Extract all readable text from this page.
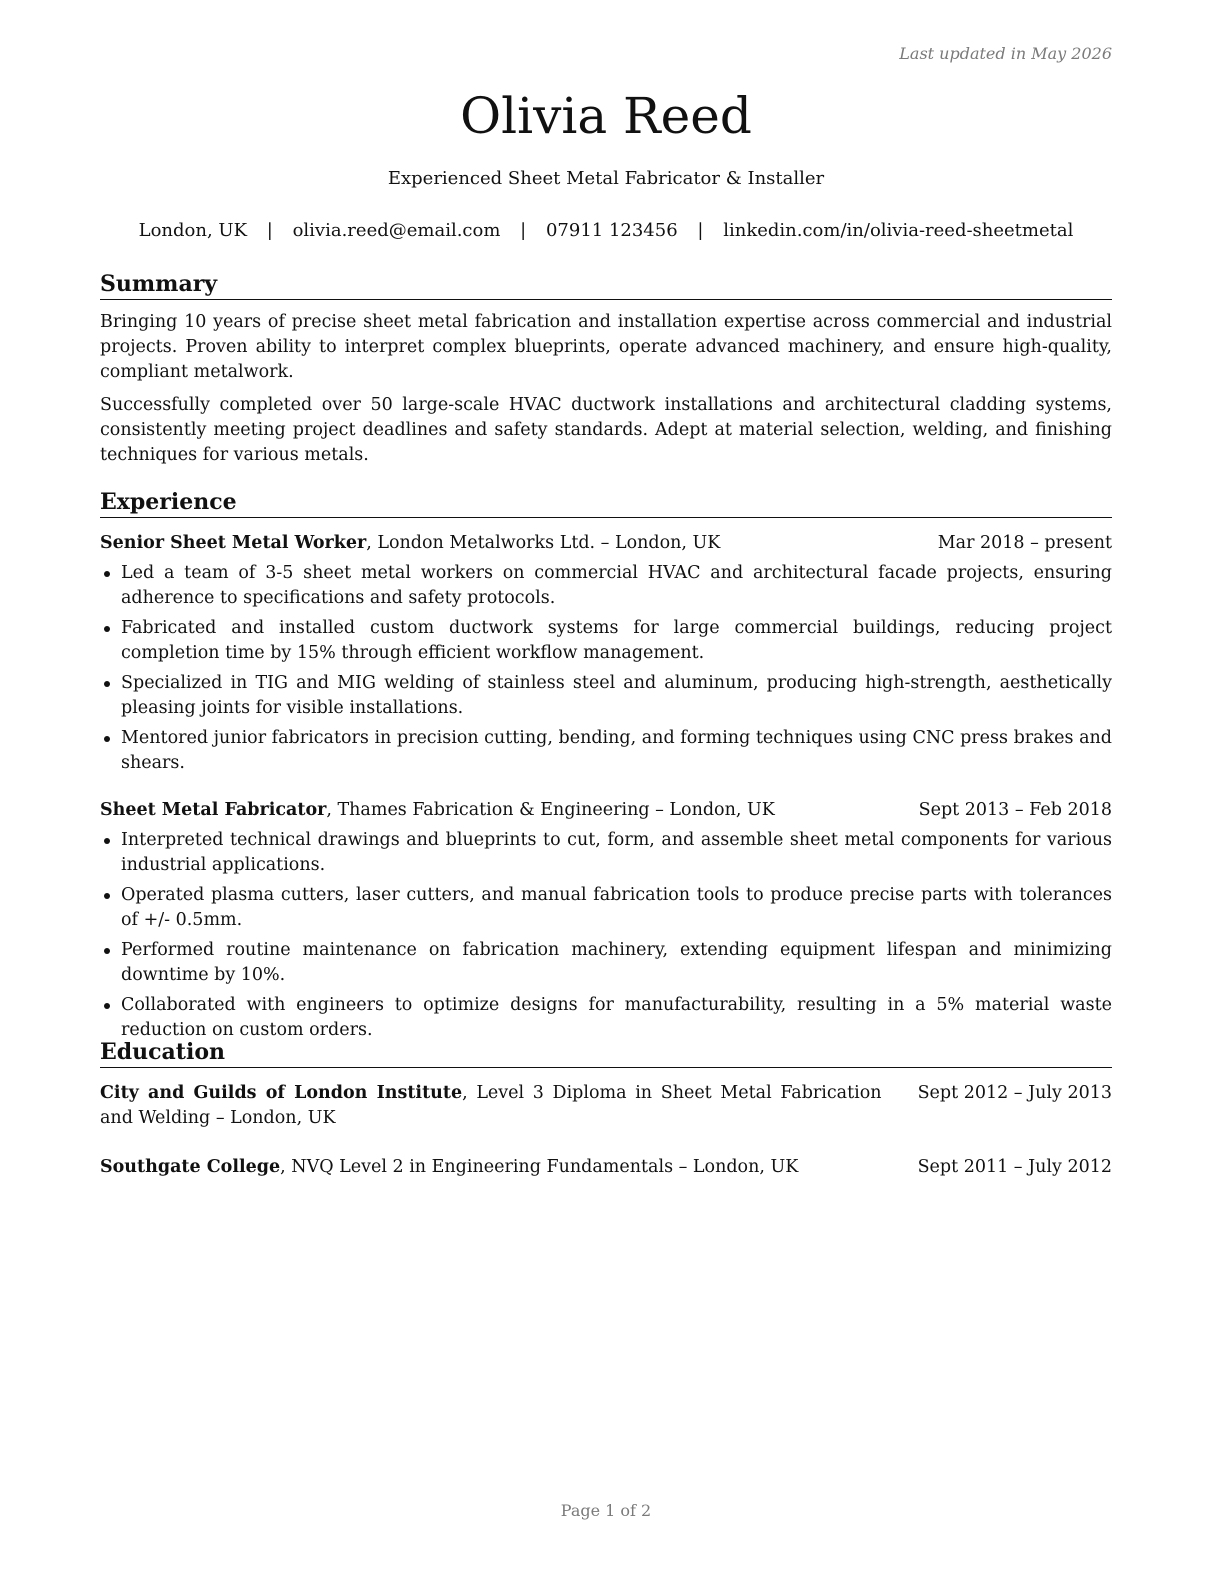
Last updated in May 2026
Olivia Reed
Experienced Sheet Metal Fabricator & Installer
London, UK | olivia.reed@email.com | 07911 123456 | linkedin.com/in/olivia-reed-sheetmetal
Summary

Bringing 10 years of precise sheet metal fabrication and installation expertise across commercial and industrial projects. Proven ability to interpret complex blueprints, operate advanced machinery, and ensure high-quality, compliant metalwork.

Successfully completed over 50 large-scale HVAC ductwork installations and architectural cladding systems, consistently meeting project deadlines and safety standards. Adept at material selection, welding, and finishing techniques for various metals.

Experience
Senior Sheet Metal Worker, London Metalworks Ltd. – London, UK	Mar 2018 – present
Led a team of 3-5 sheet metal workers on commercial HVAC and architectural facade projects, ensuring adherence to specifications and safety protocols.
Fabricated and installed custom ductwork systems for large commercial buildings, reducing project completion time by 15% through efficient workflow management.
Specialized in TIG and MIG welding of stainless steel and aluminum, producing high-strength, aesthetically pleasing joints for visible installations.
Mentored junior fabricators in precision cutting, bending, and forming techniques using CNC press brakes and shears.
Sheet Metal Fabricator, Thames Fabrication & Engineering – London, UK	Sept 2013 – Feb 2018
Interpreted technical drawings and blueprints to cut, form, and assemble sheet metal components for various industrial applications.
Operated plasma cutters, laser cutters, and manual fabrication tools to produce precise parts with tolerances of +/- 0.5mm.
Performed routine maintenance on fabrication machinery, extending equipment lifespan and minimizing downtime by 10%.
Collaborated with engineers to optimize designs for manufacturability, resulting in a 5% material waste reduction on custom orders.
Education
City and Guilds of London Institute, Level 3 Diploma in Sheet Metal Fabrication and Welding – London, UK
Sept 2012 – July 2013
Southgate College, NVQ Level 2 in Engineering Fundamentals – London, UK	Sept 2011 – July 2012
Page 1 of 2
